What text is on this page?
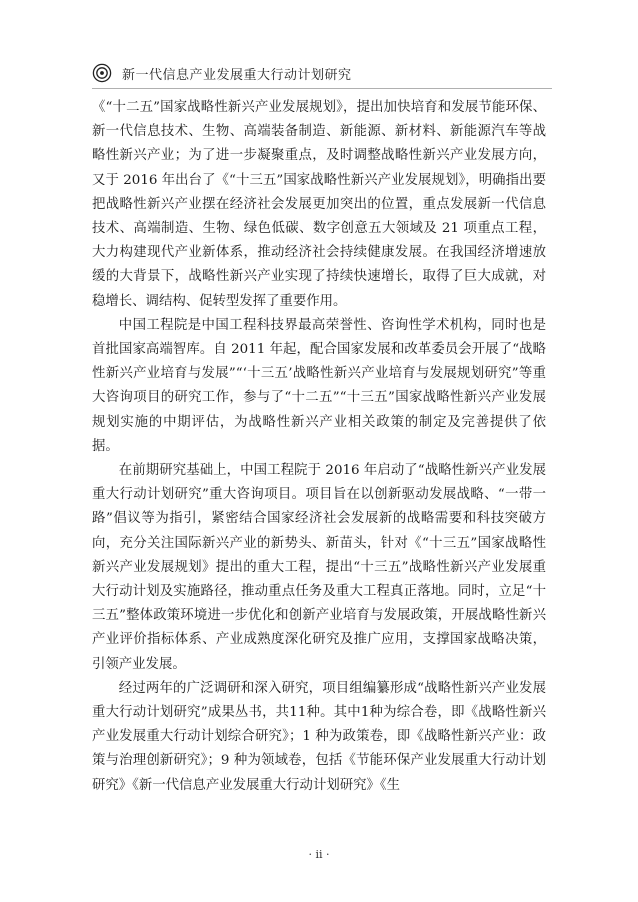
新一代信息产业发展重大行动计划研究

《“十二五”国家战略性新兴产业发展规划》，提出加快培育和发展节能环保、新一代信息技术、生物、高端装备制造、新能源、新材料、新能源汽车等战略性新兴产业；为了进一步凝聚重点，及时调整战略性新兴产业发展方向，又于 2016 年出台了《“十三五”国家战略性新兴产业发展规划》，明确指出要把战略性新兴产业摆在经济社会发展更加突出的位置，重点发展新一代信息技术、高端制造、生物、绿色低碳、数字创意五大领域及 21 项重点工程，大力构建现代产业新体系，推动经济社会持续健康发展。在我国经济增速放缓的大背景下，战略性新兴产业实现了持续快速增长，取得了巨大成就，对稳增长、调结构、促转型发挥了重要作用。

中国工程院是中国工程科技界最高荣誉性、咨询性学术机构，同时也是首批国家高端智库。自 2011 年起，配合国家发展和改革委员会开展了“战略性新兴产业培育与发展”“‘十三五’战略性新兴产业培育与发展规划研究”等重大咨询项目的研究工作，参与了“十二五”“十三五”国家战略性新兴产业发展规划实施的中期评估，为战略性新兴产业相关政策的制定及完善提供了依据。

在前期研究基础上，中国工程院于 2016 年启动了“战略性新兴产业发展重大行动计划研究”重大咨询项目。项目旨在以创新驱动发展战略、“一带一路”倡议等为指引，紧密结合国家经济社会发展新的战略需要和科技突破方向，充分关注国际新兴产业的新势头、新苗头，针对《“十三五”国家战略性新兴产业发展规划》提出的重大工程，提出“十三五”战略性新兴产业发展重大行动计划及实施路径，推动重点任务及重大工程真正落地。同时，立足“十三五”整体政策环境进一步优化和创新产业培育与发展政策，开展战略性新兴产业评价指标体系、产业成熟度深化研究及推广应用，支撑国家战略决策，引领产业发展。

经过两年的广泛调研和深入研究，项目组编纂形成“战略性新兴产业发展重大行动计划研究”成果丛书，共11种。其中1种为综合卷，即《战略性新兴产业发展重大行动计划综合研究》；1 种为政策卷，即《战略性新兴产业：政策与治理创新研究》；9 种为领域卷，包括《节能环保产业发展重大行动计划研究》《新一代信息产业发展重大行动计划研究》《生

· ii ·
